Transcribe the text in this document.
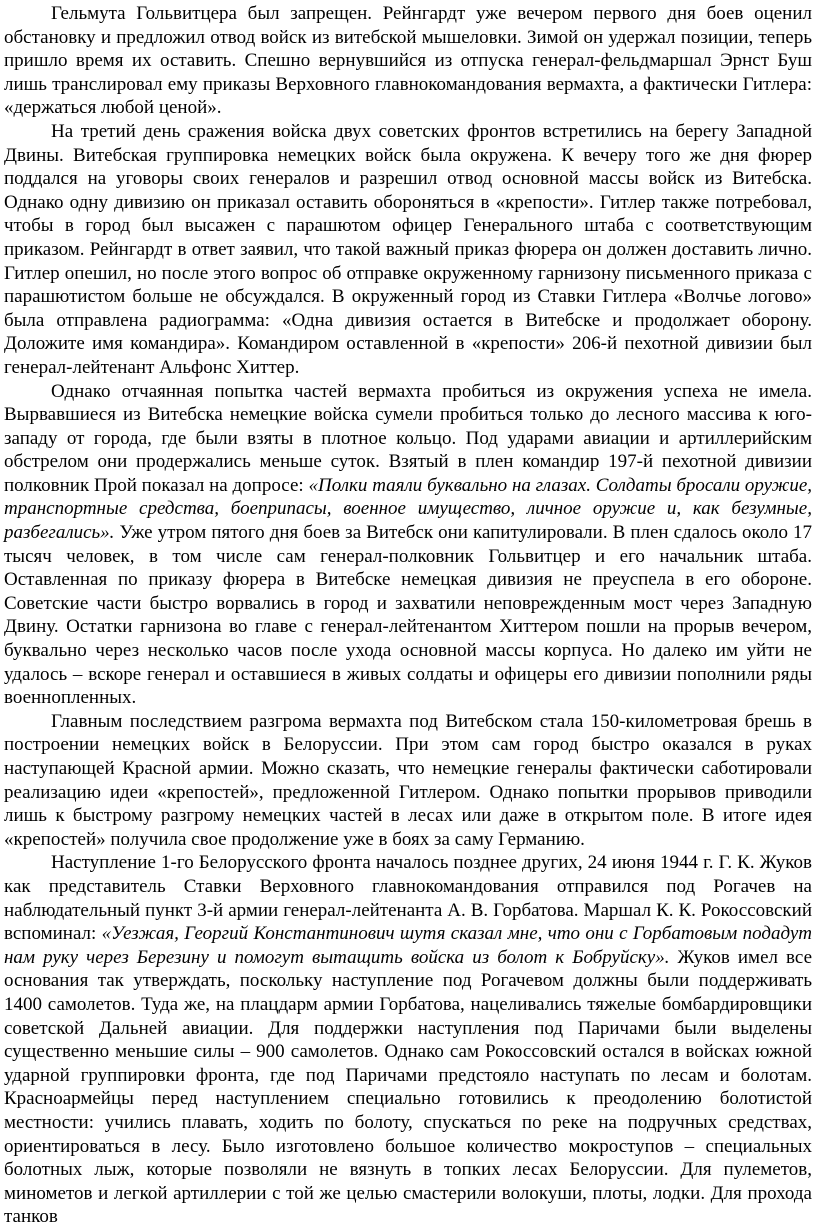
Гельмута Гольвитцера был запрещен. Рейнгардт уже вечером первого дня боев оценил обстановку и предложил отвод войск из витебской мышеловки. Зимой он удержал позиции, теперь пришло время их оставить. Спешно вернувшийся из отпуска генерал-фельдмаршал Эрнст Буш лишь транслировал ему приказы Верховного главнокомандования вермахта, а фактически Гитлера: «держаться любой ценой».

На третий день сражения войска двух советских фронтов встретились на берегу Западной Двины. Витебская группировка немецких войск была окружена. К вечеру того же дня фюрер поддался на уговоры своих генералов и разрешил отвод основной массы войск из Витебска. Однако одну дивизию он приказал оставить обороняться в «крепости». Гитлер также потребовал, чтобы в город был высажен с парашютом офицер Генерального штаба с соответствующим приказом. Рейнгардт в ответ заявил, что такой важный приказ фюрера он должен доставить лично. Гитлер опешил, но после этого вопрос об отправке окруженному гарнизону письменного приказа с парашютистом больше не обсуждался. В окруженный город из Ставки Гитлера «Волчье логово» была отправлена радиограмма: «Одна дивизия остается в Витебске и продолжает оборону. Доложите имя командира». Командиром оставленной в «крепости» 206-й пехотной дивизии был генерал-лейтенант Альфонс Хиттер.

Однако отчаянная попытка частей вермахта пробиться из окружения успеха не имела. Вырвавшиеся из Витебска немецкие войска сумели пробиться только до лесного массива к юго-западу от города, где были взяты в плотное кольцо. Под ударами авиации и артиллерийским обстрелом они продержались меньше суток. Взятый в плен командир 197-й пехотной дивизии полковник Прой показал на допросе: «Полки таяли буквально на глазах. Солдаты бросали оружие, транспортные средства, боеприпасы, военное имущество, личное оружие и, как безумные, разбегались». Уже утром пятого дня боев за Витебск они капитулировали. В плен сдалось около 17 тысяч человек, в том числе сам генерал-полковник Гольвитцер и его начальник штаба. Оставленная по приказу фюрера в Витебске немецкая дивизия не преуспела в его обороне. Советские части быстро ворвались в город и захватили неповрежденным мост через Западную Двину. Остатки гарнизона во главе с генерал-лейтенантом Хиттером пошли на прорыв вечером, буквально через несколько часов после ухода основной массы корпуса. Но далеко им уйти не удалось – вскоре генерал и оставшиеся в живых солдаты и офицеры его дивизии пополнили ряды военнопленных.

Главным последствием разгрома вермахта под Витебском стала 150-километровая брешь в построении немецких войск в Белоруссии. При этом сам город быстро оказался в руках наступающей Красной армии. Можно сказать, что немецкие генералы фактически саботировали реализацию идеи «крепостей», предложенной Гитлером. Однако попытки прорывов приводили лишь к быстрому разгрому немецких частей в лесах или даже в открытом поле. В итоге идея «крепостей» получила свое продолжение уже в боях за саму Германию.

Наступление 1-го Белорусского фронта началось позднее других, 24 июня 1944 г. Г. К. Жуков как представитель Ставки Верховного главнокомандования отправился под Рогачев на наблюдательный пункт 3-й армии генерал-лейтенанта А. В. Горбатова. Маршал К. К. Рокоссовский вспоминал: «Уезжая, Георгий Константинович шутя сказал мне, что они с Горбатовым подадут нам руку через Березину и помогут вытащить войска из болот к Бобруйску». Жуков имел все основания так утверждать, поскольку наступление под Рогачевом должны были поддерживать 1400 самолетов. Туда же, на плацдарм армии Горбатова, нацеливались тяжелые бомбардировщики советской Дальней авиации. Для поддержки наступления под Паричами были выделены существенно меньшие силы – 900 самолетов. Однако сам Рокоссовский остался в войсках южной ударной группировки фронта, где под Паричами предстояло наступать по лесам и болотам. Красноармейцы перед наступлением специально готовились к преодолению болотистой местности: учились плавать, ходить по болоту, спускаться по реке на подручных средствах, ориентироваться в лесу. Было изготовлено большое количество мокроступов – специальных болотных лыж, которые позволяли не вязнуть в топких лесах Белоруссии. Для пулеметов, минометов и легкой артиллерии с той же целью смастерили волокуши, плоты, лодки. Для прохода танков
